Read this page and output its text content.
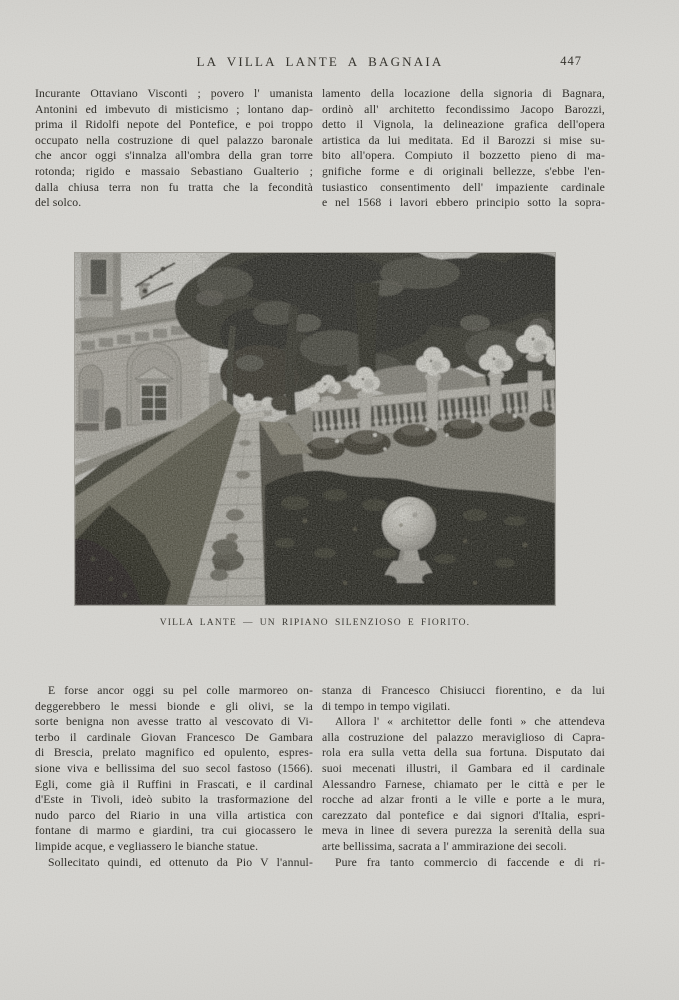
LA VILLA LANTE A BAGNAIA	447
Incurante Ottaviano Visconti ; povero l' umanista
Antonini ed imbevuto di misticismo ; lontano dap-
prima il Ridolfi nepote del Pontefice, e poi troppo
occupato nella costruzione di quel palazzo baronale
che ancor oggi s'innalza all'ombra della gran torre
rotonda; rigido e massaio Sebastiano Gualterio ;
dalla chiusa terra non fu tratta che la fecondità
del solco.
lamento della locazione della signoria di Bagnara,
ordinò all' architetto fecondissimo Jacopo Barozzi,
detto il Vignola, la delineazione grafica dell'opera
artistica da lui meditata. Ed il Barozzi si mise su-
bito all'opera. Compiuto il bozzetto pieno di ma-
gnifiche forme e di originali bellezze, s'ebbe l'en-
tusiastico consentimento dell' impaziente cardinale
e nel 1568 i lavori ebbero principio sotto la sopra-
VILLA LANTE — UN RIPIANO SILENZIOSO E FIORITO.
E forse ancor oggi su pel colle marmoreo on-
deggerebbero le messi bionde e gli olivi, se la
sorte benigna non avesse tratto al vescovato di Vi-
terbo il cardinale Giovan Francesco De Gambara
di Brescia, prelato magnifico ed opulento, espres-
sione viva e bellissima del suo secol fastoso (1566).
Egli, come già il Ruffini in Frascati, e il cardinal
d'Este in Tivoli, ideò subito la trasformazione del
nudo parco del Riario in una villa artistica con
fontane di marmo e giardini, tra cui giocassero le
limpide acque, e vegliassero le bianche statue.
Sollecitato quindi, ed ottenuto da Pio V l'annul-
stanza di Francesco Chisiucci fiorentino, e da lui
di tempo in tempo vigilati.
Allora l' « architettor delle fonti » che attendeva
alla costruzione del palazzo meraviglioso di Capra-
rola era sulla vetta della sua fortuna. Disputato dai
suoi mecenati illustri, il Gambara ed il cardinale
Alessandro Farnese, chiamato per le città e per le
rocche ad alzar fronti a le ville e porte a le mura,
carezzato dal pontefice e dai signori d'Italia, espri-
meva in linee di severa purezza la serenità della sua
arte bellissima, sacrata a l' ammirazione dei secoli.
Pure fra tanto commercio di faccende e di ri-
